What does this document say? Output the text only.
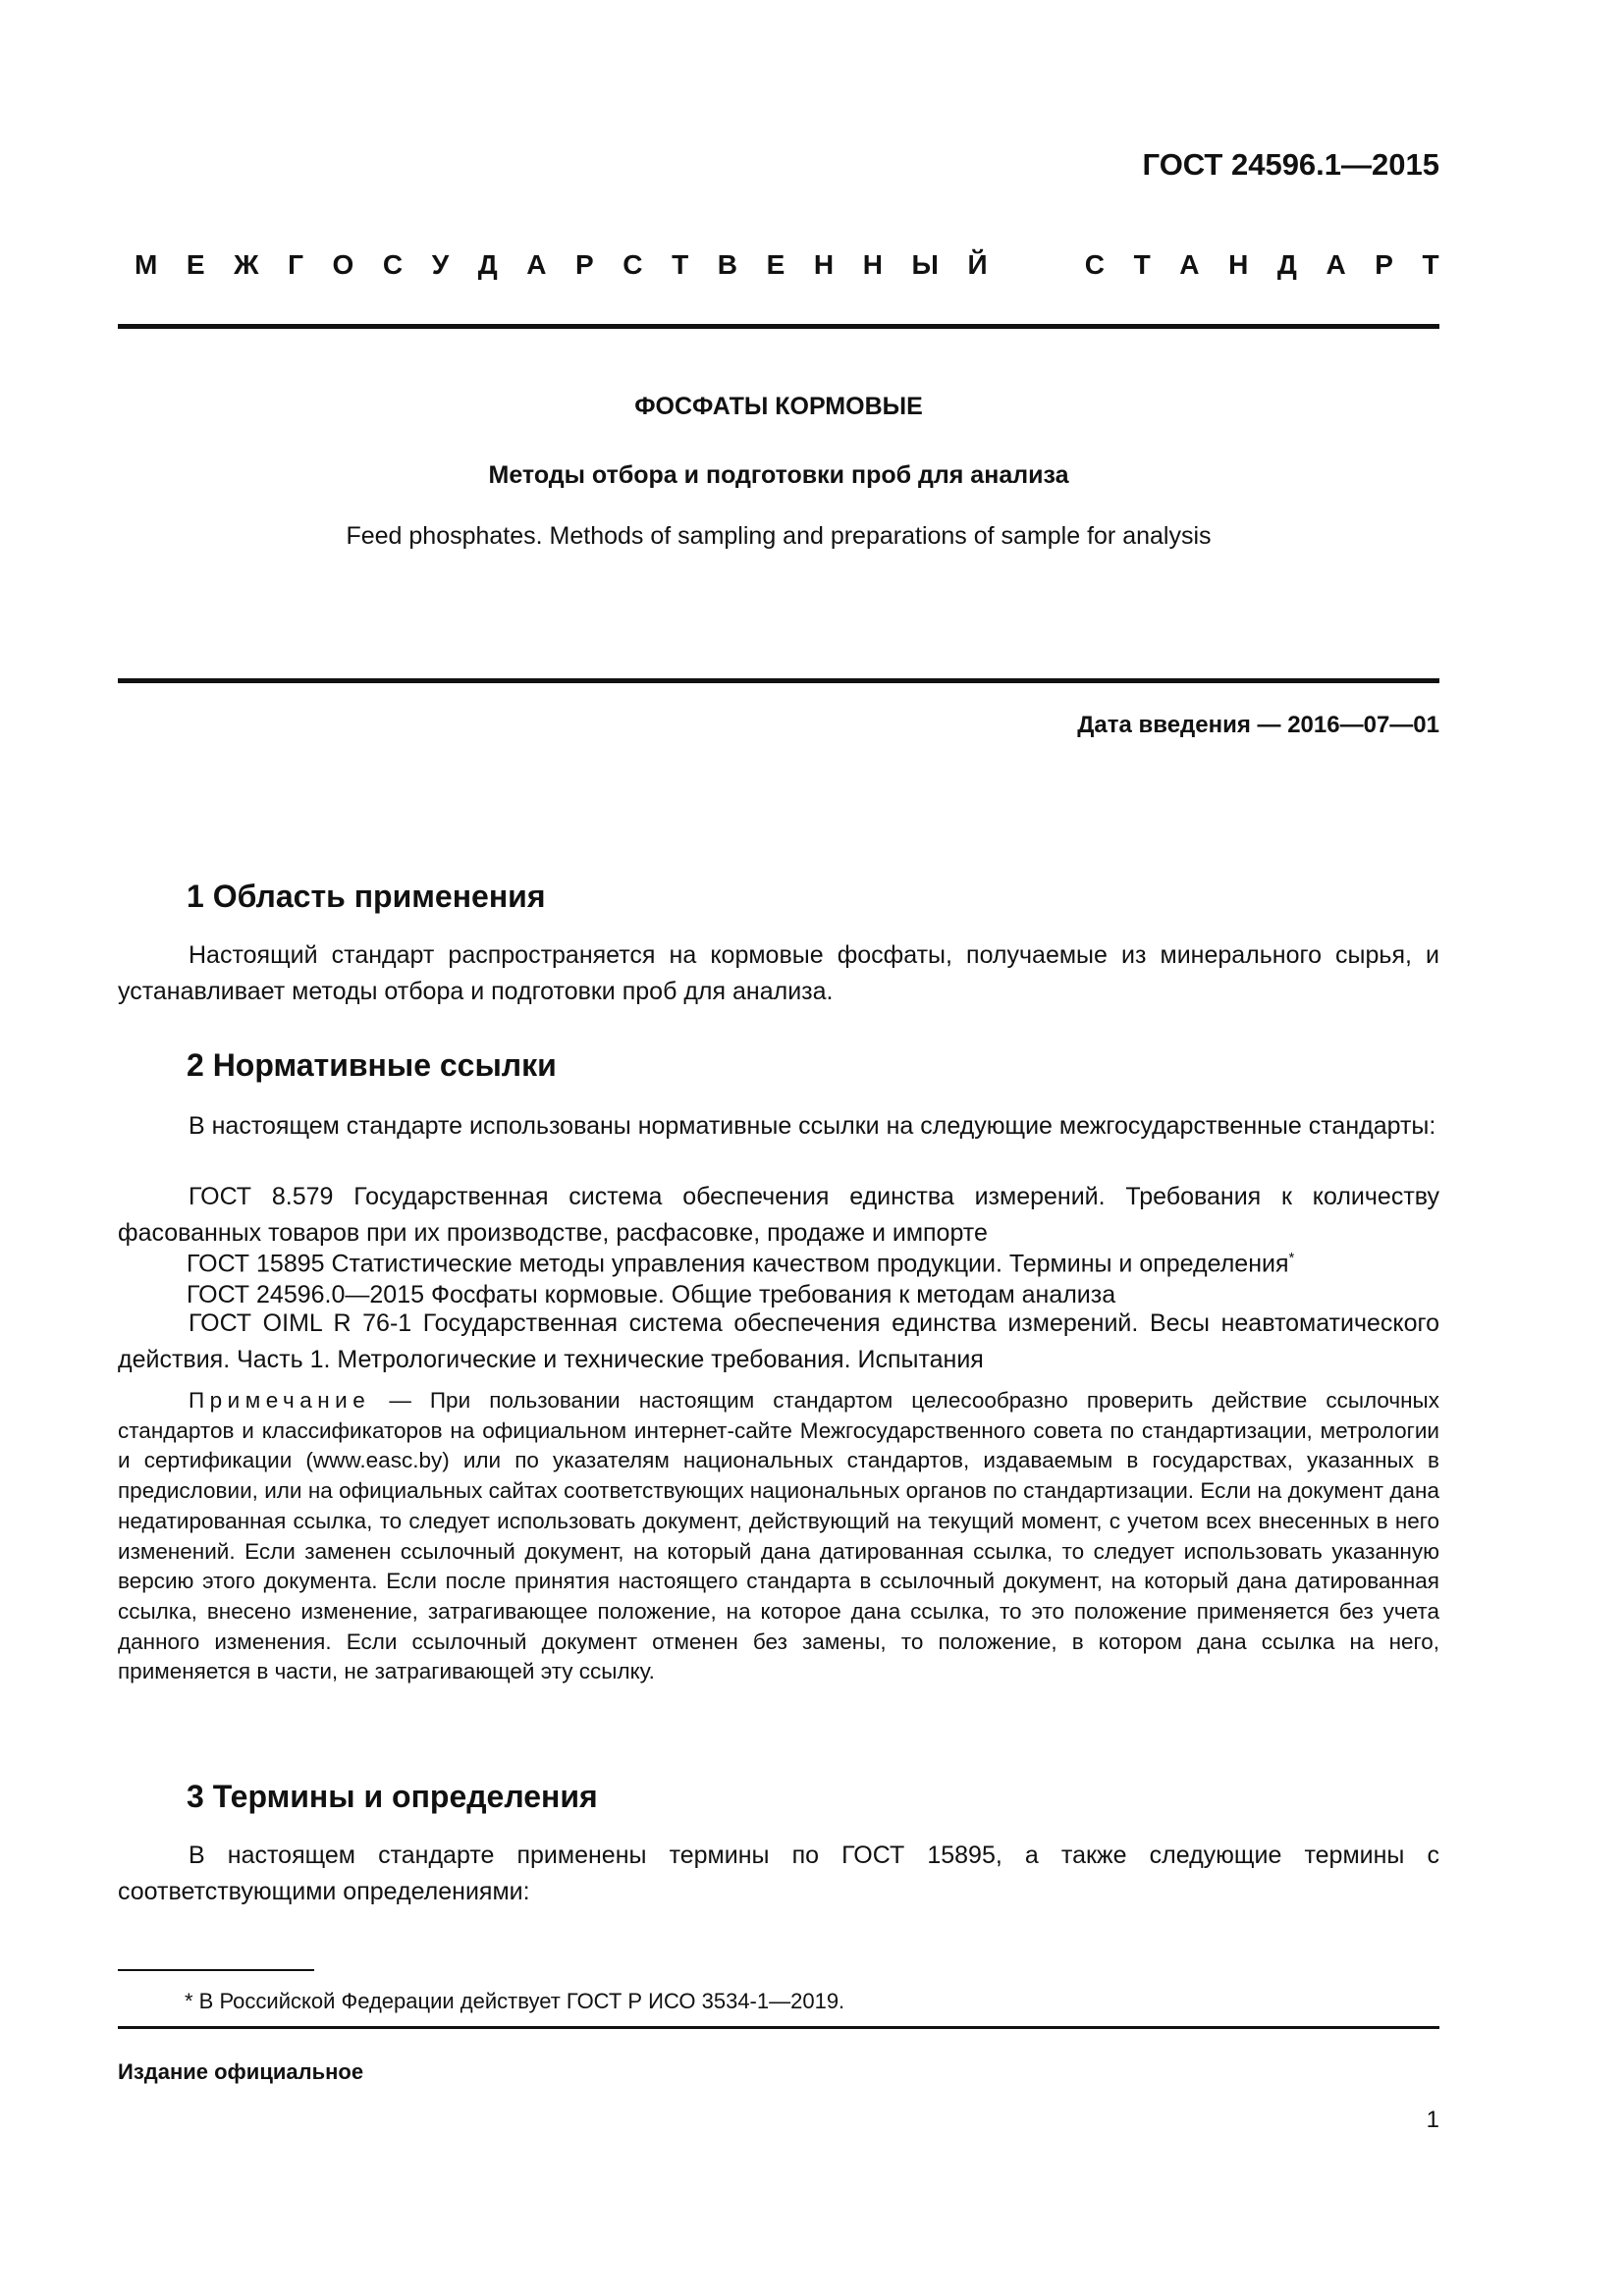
ГОСТ 24596.1—2015
М Е Ж Г О С У Д А Р С Т В Е Н Н Ы Й	С Т А Н Д А Р Т
ФОСФАТЫ КОРМОВЫЕ
Методы отбора и подготовки проб для анализа
Feed phosphates. Methods of sampling and preparations of sample for analysis
Дата введения — 2016—07—01
1 Область применения
Настоящий стандарт распространяется на кормовые фосфаты, получаемые из минерального сырья, и устанавливает методы отбора и подготовки проб для анализа.
2 Нормативные ссылки
В настоящем стандарте использованы нормативные ссылки на следующие межгосударственные стандарты:
ГОСТ 8.579 Государственная система обеспечения единства измерений. Требования к количеству фасованных товаров при их производстве, расфасовке, продаже и импорте
ГОСТ 15895 Статистические методы управления качеством продукции. Термины и определения*
ГОСТ 24596.0—2015 Фосфаты кормовые. Общие требования к методам анализа
ГОСТ OIML R 76-1 Государственная система обеспечения единства измерений. Весы неавтоматического действия. Часть 1. Метрологические и технические требования. Испытания
Примечание — При пользовании настоящим стандартом целесообразно проверить действие ссылочных стандартов и классификаторов на официальном интернет-сайте Межгосударственного совета по стандартизации, метрологии и сертификации (www.easc.by) или по указателям национальных стандартов, издаваемым в государствах, указанных в предисловии, или на официальных сайтах соответствующих национальных органов по стандартизации. Если на документ дана недатированная ссылка, то следует использовать документ, действующий на текущий момент, с учетом всех внесенных в него изменений. Если заменен ссылочный документ, на который дана датированная ссылка, то следует использовать указанную версию этого документа. Если после принятия настоящего стандарта в ссылочный документ, на который дана датированная ссылка, внесено изменение, затрагивающее положение, на которое дана ссылка, то это положение применяется без учета данного изменения. Если ссылочный документ отменен без замены, то положение, в котором дана ссылка на него, применяется в части, не затрагивающей эту ссылку.
3 Термины и определения
В настоящем стандарте применены термины по ГОСТ 15895, а также следующие термины с соответствующими определениями:
* В Российской Федерации действует ГОСТ Р ИСО 3534-1—2019.
Издание официальное
1
